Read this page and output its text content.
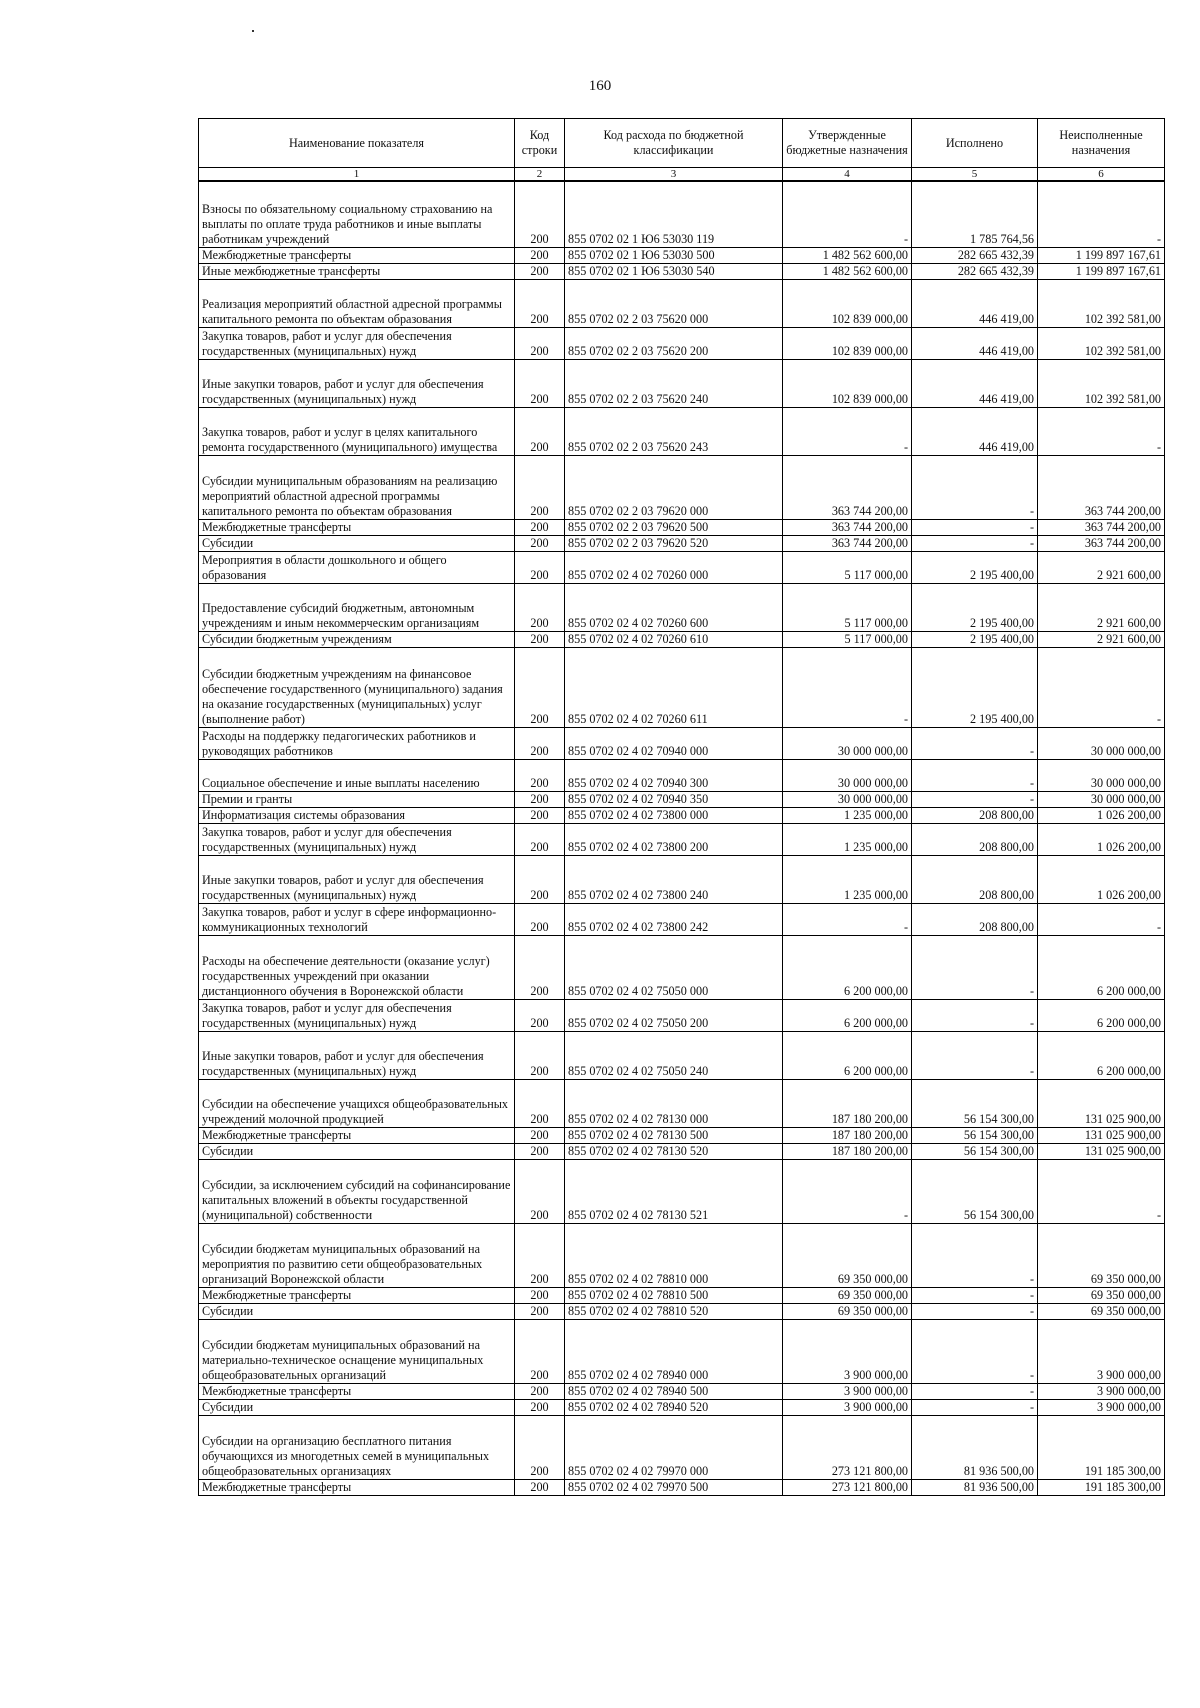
160
Наименование показателя	Код строки	Код расхода по бюджетной классификации	Утвержденные бюджетные назначения	Исполнено	Неисполненные назначения
1	2	3	4	5	6
Взносы по обязательному социальному страхованию на выплаты по оплате труда работников и иные выплаты работникам учреждений	200	855 0702 02 1 Ю6 53030 119	-	1 785 764,56	-
Межбюджетные трансферты	200	855 0702 02 1 Ю6 53030 500	1 482 562 600,00	282 665 432,39	1 199 897 167,61
Иные межбюджетные трансферты	200	855 0702 02 1 Ю6 53030 540	1 482 562 600,00	282 665 432,39	1 199 897 167,61
Реализация мероприятий областной адресной программы капитального ремонта по объектам образования	200	855 0702 02 2 03 75620 000	102 839 000,00	446 419,00	102 392 581,00
Закупка товаров, работ и услуг для обеспечения государственных (муниципальных) нужд	200	855 0702 02 2 03 75620 200	102 839 000,00	446 419,00	102 392 581,00
Иные закупки товаров, работ и услуг для обеспечения государственных (муниципальных) нужд	200	855 0702 02 2 03 75620 240	102 839 000,00	446 419,00	102 392 581,00
Закупка товаров, работ и услуг в целях капитального ремонта государственного (муниципального) имущества	200	855 0702 02 2 03 75620 243	-	446 419,00	-
Субсидии муниципальным образованиям на реализацию мероприятий областной адресной программы капитального ремонта по объектам образования	200	855 0702 02 2 03 79620 000	363 744 200,00	-	363 744 200,00
Межбюджетные трансферты	200	855 0702 02 2 03 79620 500	363 744 200,00	-	363 744 200,00
Субсидии	200	855 0702 02 2 03 79620 520	363 744 200,00	-	363 744 200,00
Мероприятия в области дошкольного и общего образования	200	855 0702 02 4 02 70260 000	5 117 000,00	2 195 400,00	2 921 600,00
Предоставление субсидий бюджетным, автономным учреждениям и иным некоммерческим организациям	200	855 0702 02 4 02 70260 600	5 117 000,00	2 195 400,00	2 921 600,00
Субсидии бюджетным учреждениям	200	855 0702 02 4 02 70260 610	5 117 000,00	2 195 400,00	2 921 600,00
Субсидии бюджетным учреждениям на финансовое обеспечение государственного (муниципального) задания на оказание государственных (муниципальных) услуг (выполнение работ)	200	855 0702 02 4 02 70260 611	-	2 195 400,00	-
Расходы на поддержку педагогических работников и руководящих работников	200	855 0702 02 4 02 70940 000	30 000 000,00	-	30 000 000,00
Социальное обеспечение и иные выплаты населению	200	855 0702 02 4 02 70940 300	30 000 000,00	-	30 000 000,00
Премии и гранты	200	855 0702 02 4 02 70940 350	30 000 000,00	-	30 000 000,00
Информатизация системы образования	200	855 0702 02 4 02 73800 000	1 235 000,00	208 800,00	1 026 200,00
Закупка товаров, работ и услуг для обеспечения государственных (муниципальных) нужд	200	855 0702 02 4 02 73800 200	1 235 000,00	208 800,00	1 026 200,00
Иные закупки товаров, работ и услуг для обеспечения государственных (муниципальных) нужд	200	855 0702 02 4 02 73800 240	1 235 000,00	208 800,00	1 026 200,00
Закупка товаров, работ и услуг в сфере информационно-коммуникационных технологий	200	855 0702 02 4 02 73800 242	-	208 800,00	-
Расходы на обеспечение деятельности (оказание услуг) государственных учреждений при оказании дистанционного обучения в Воронежской области	200	855 0702 02 4 02 75050 000	6 200 000,00	-	6 200 000,00
Закупка товаров, работ и услуг для обеспечения государственных (муниципальных) нужд	200	855 0702 02 4 02 75050 200	6 200 000,00	-	6 200 000,00
Иные закупки товаров, работ и услуг для обеспечения государственных (муниципальных) нужд	200	855 0702 02 4 02 75050 240	6 200 000,00	-	6 200 000,00
Субсидии на обеспечение учащихся общеобразовательных учреждений молочной продукцией	200	855 0702 02 4 02 78130 000	187 180 200,00	56 154 300,00	131 025 900,00
Межбюджетные трансферты	200	855 0702 02 4 02 78130 500	187 180 200,00	56 154 300,00	131 025 900,00
Субсидии	200	855 0702 02 4 02 78130 520	187 180 200,00	56 154 300,00	131 025 900,00
Субсидии, за исключением субсидий на софинансирование капитальных вложений в объекты государственной (муниципальной) собственности	200	855 0702 02 4 02 78130 521	-	56 154 300,00	-
Субсидии бюджетам муниципальных образований на мероприятия по развитию сети общеобразовательных организаций Воронежской области	200	855 0702 02 4 02 78810 000	69 350 000,00	-	69 350 000,00
Межбюджетные трансферты	200	855 0702 02 4 02 78810 500	69 350 000,00	-	69 350 000,00
Субсидии	200	855 0702 02 4 02 78810 520	69 350 000,00	-	69 350 000,00
Субсидии бюджетам муниципальных образований на материально-техническое оснащение муниципальных общеобразовательных организаций	200	855 0702 02 4 02 78940 000	3 900 000,00	-	3 900 000,00
Межбюджетные трансферты	200	855 0702 02 4 02 78940 500	3 900 000,00	-	3 900 000,00
Субсидии	200	855 0702 02 4 02 78940 520	3 900 000,00	-	3 900 000,00
Субсидии на организацию бесплатного питания обучающихся из многодетных семей в муниципальных общеобразовательных организациях	200	855 0702 02 4 02 79970 000	273 121 800,00	81 936 500,00	191 185 300,00
Межбюджетные трансферты	200	855 0702 02 4 02 79970 500	273 121 800,00	81 936 500,00	191 185 300,00
